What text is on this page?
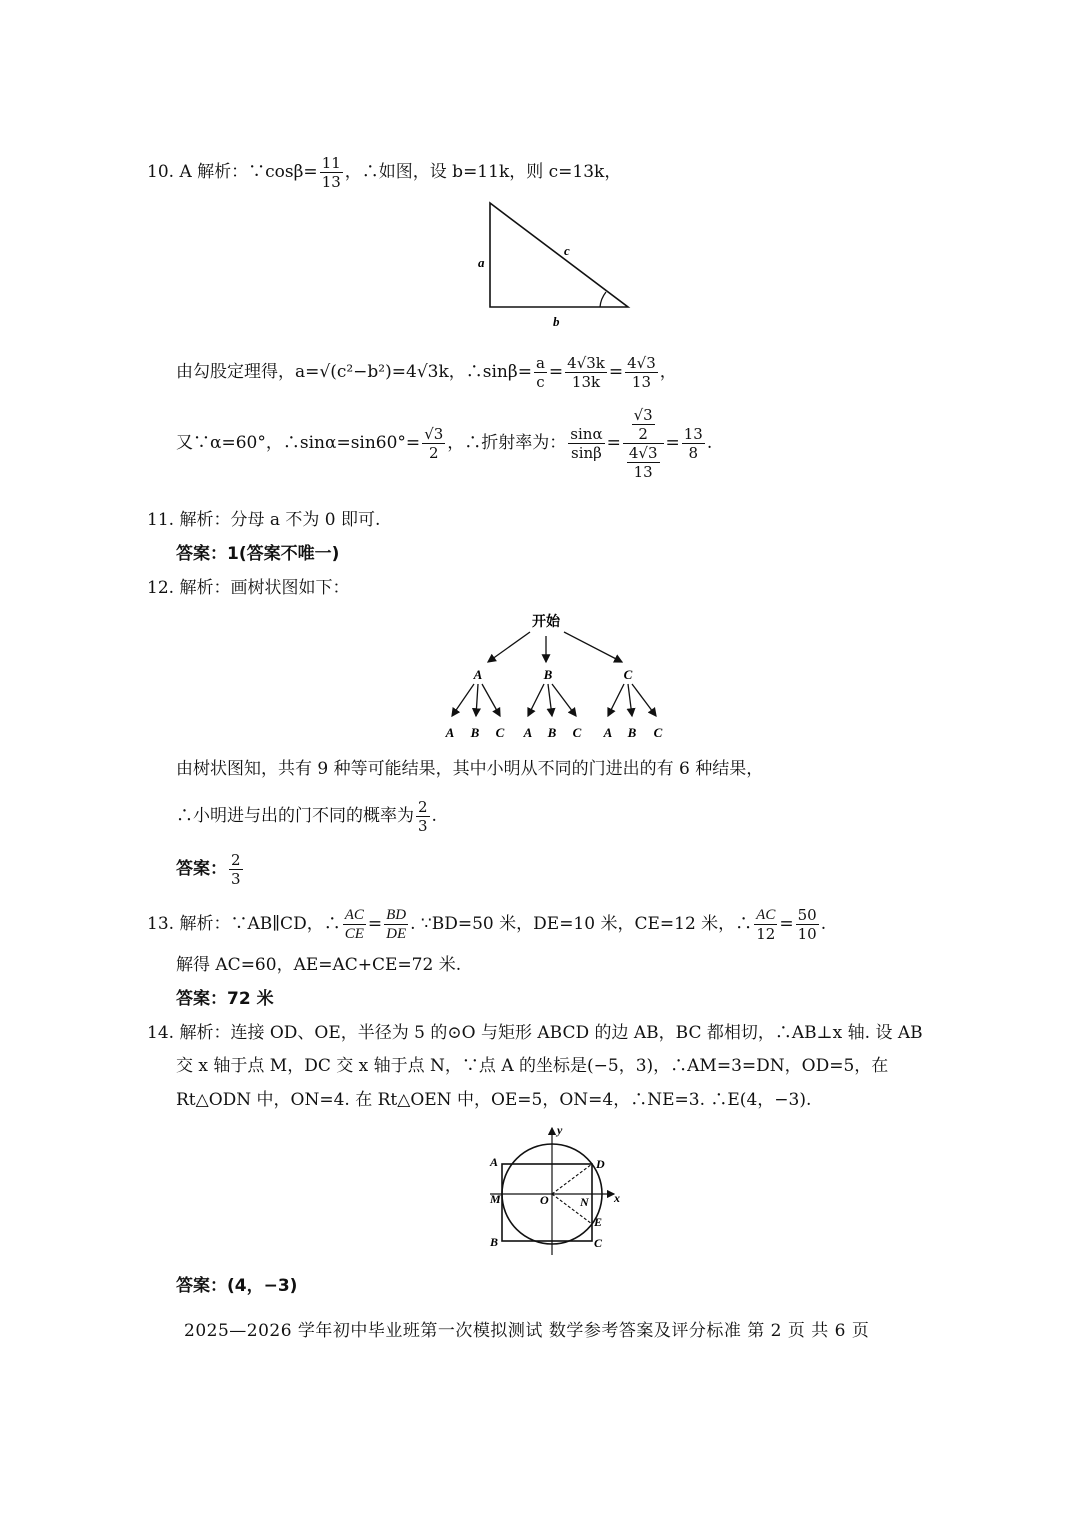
10. A 解析：∵cosβ= $\frac{11}{13}$ ，∴如图，设 b=11k，则 c=13k，
a
c
b
由勾股定理得，a=√(c²−b²)=4√3k，∴sinβ= $\frac{a}{c} = \frac{4√3k}{13k} = \frac{4√3}{13}$ ，
又∵α=60°，∴sinα=sin60°= $\frac{√3}{2}$ ，∴折射率为： $\frac{\sin\alpha}{\sin\beta} = \frac{\frac{√3}{2}}{\frac{4√3}{13}} = \frac{13}{8}$ .
11. 解析：分母 a 不为 0 即可.
答案：1(答案不唯一)
12. 解析：画树状图如下：
开始
A	B	C
A B C A B C A B C
由树状图知，共有 9 种等可能结果，其中小明从不同的门进出的有 6 种结果，
∴小明进与出的门不同的概率为 $\frac{2}{3}$ .
答案： $\frac{2}{3}$
13. 解析：∵AB∥CD，∴ $\frac{AC}{CE} = \frac{BD}{DE}$ . ∵BD=50 米，DE=10 米，CE=12 米，∴ $\frac{AC}{12} = \frac{50}{10}$ .
解得 AC=60，AE=AC+CE=72 米.
答案：72 米
14. 解析：连接 OD、OE，半径为 5 的⊙O 与矩形 ABCD 的边 AB，BC 都相切，∴AB⊥x 轴. 设 AB
交 x 轴于点 M，DC 交 x 轴于点 N，∵点 A 的坐标是(−5，3)，∴AM=3=DN，OD=5，在
Rt△ODN 中，ON=4. 在 Rt△OEN 中，OE=5，ON=4，∴NE=3. ∴E(4，−3).
A
B	C
D
E
M	N
O	x
y
答案：(4，−3)
2025—2026 学年初中毕业班第一次模拟测试 数学参考答案及评分标准 第 2 页 共 6 页
